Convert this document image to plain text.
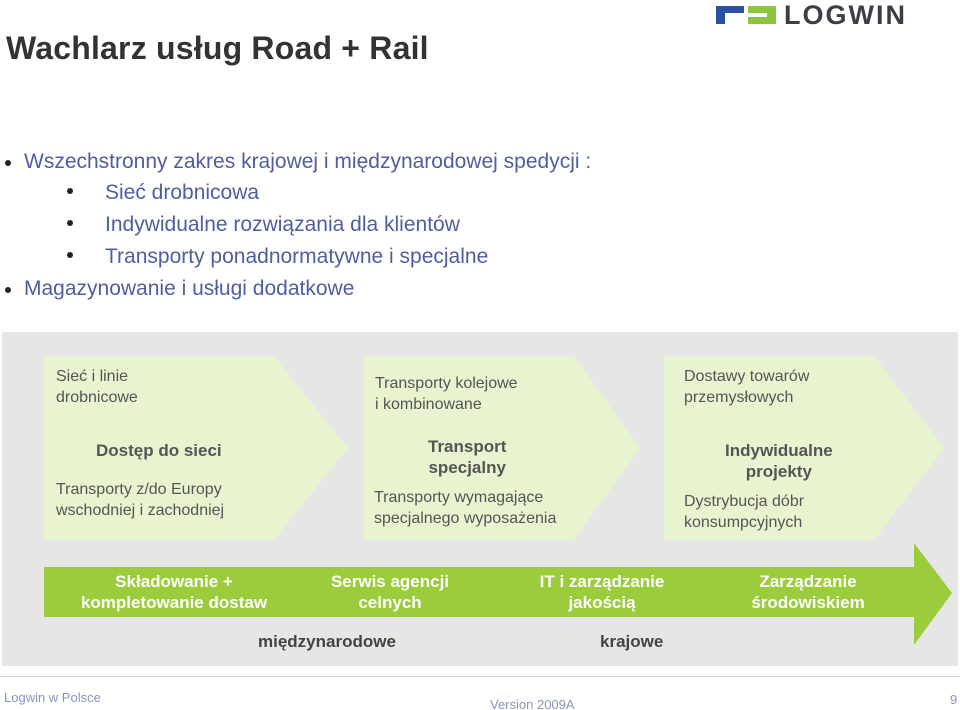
Wachlarz usług Road + Rail
LOGWIN
Wszechstronny zakres krajowej i międzynarodowej spedycji :
Sieć drobnicowa
Indywidualne rozwiązania dla klientów
Transporty ponadnormatywne i specjalne
Magazynowanie i usługi dodatkowe
Sieć i linie
drobnicowe
Dostęp do sieci
Transporty z/do Europy
wschodniej i zachodniej
Transporty kolejowe
i kombinowane
Transport
specjalny
Transporty wymagające
specjalnego wyposażenia
Dostawy towarów
przemysłowych
Indywidualne
projekty
Dystrybucja dóbr
konsumpcyjnych
Składowanie +
kompletowanie dostaw
Serwis agencji
celnych
IT i zarządzanie
jakością
Zarządzanie
środowiskiem
międzynarodowe	krajowe
Logwin w Polsce	Version 2009A	9
